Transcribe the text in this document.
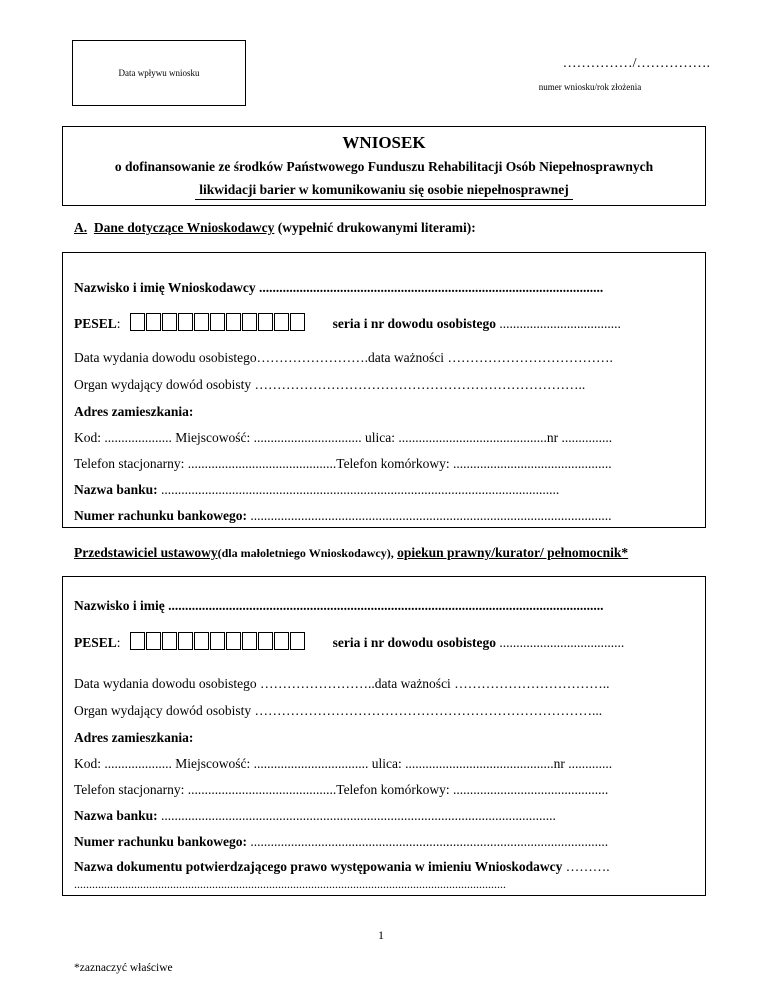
Data wpływu wniosku
……………/…………….
numer wniosku/rok złożenia
WNIOSEK
o dofinansowanie ze środków Państwowego Funduszu Rehabilitacji Osób Niepełnosprawnych
likwidacji barier w komunikowaniu się osobie niepełnosprawnej
A. Dane dotyczące Wnioskodawcy (wypełnić drukowanymi literami):
Nazwisko i imię Wnioskodawcy ......................................................................................................
PESEL:	seria i nr dowodu osobistego ....................................
Data wydania dowodu osobistego…………………….data ważności ……………………………….
Organ wydający dowód osobisty ………………………………………………………………..
Adres zamieszkania:
Kod: .................... Miejscowość: ................................ ulica: ............................................nr ...............
Telefon stacjonarny: ............................................Telefon komórkowy: ...............................................
Nazwa banku: ......................................................................................................................
Numer rachunku bankowego: ...........................................................................................................
Przedstawiciel ustawowy(dla małoletniego Wnioskodawcy), opiekun prawny/kurator/ pełnomocnik*
Nazwisko i imię .................................................................................................................................
PESEL:	seria i nr dowodu osobistego .....................................
Data wydania dowodu osobistego ……………………..data ważności ……………………………..
Organ wydający dowód osobisty …………………………………………………………………...
Adres zamieszkania:
Kod: .................... Miejscowość: .................................. ulica: ............................................nr .............
Telefon stacjonarny: ............................................Telefon komórkowy: ..............................................
Nazwa banku: .....................................................................................................................
Numer rachunku bankowego: ..........................................................................................................
Nazwa dokumentu potwierdzającego prawo występowania w imieniu Wnioskodawcy ……….
................................................................................................................................................
1
*zaznaczyć właściwe
